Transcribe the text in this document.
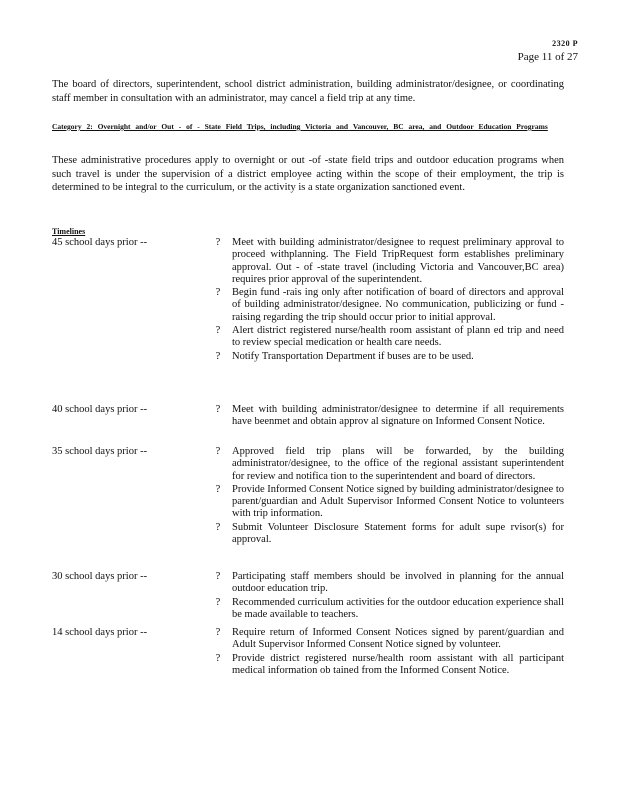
2320 P
Page 11 of 27
The board of directors, superintendent, school district administration, building administrator/designee, or coordinating staff member in consultation with an administrator, may cancel a field trip at any time.
Category 2: Overnight and/or Out - of - State Field Trips, including Victoria and Vancouver, BC area, and Outdoor Education Programs
These administrative procedures apply to overnight or out -of -state field trips and outdoor education programs when such travel is under the supervision of a district employee acting within the scope of their employment, the trip is determined to be integral to the curriculum, or the activity is a state organization sanctioned event.
Timelines
45 school days prior --	?	Meet with building administrator/designee to request preliminary approval to proceed withplanning. The Field TripRequest form establishes preliminary approval. Out - of -state travel (including Victoria and Vancouver,BC area) requires prior approval of the superintendent.
?	Begin fund -rais ing only after notification of board of directors and approval of building administrator/designee. No communication, publicizing or fund -raising regarding the trip should occur prior to initial approval.
?	Alert district registered nurse/health room assistant of plann ed trip and need to review special medication or health care needs.
?	Notify Transportation Department if buses are to be used.
40 school days prior --	?	Meet with building administrator/designee to determine if all requirements have beenmet and obtain approv al signature on Informed Consent Notice.
35 school days prior --	?	Approved field trip plans will be forwarded, by the building administrator/designee, to the office of the regional assistant superintendent for review and notifica tion to the superintendent and board of directors.
?	Provide Informed Consent Notice signed by building administrator/designee to parent/guardian and Adult Supervisor Informed Consent Notice to volunteers with trip information.
?	Submit Volunteer Disclosure Statement forms for adult supe rvisor(s) for approval.
30 school days prior --	?	Participating staff members should be involved in planning for the annual outdoor education trip.
?	Recommended curriculum activities for the outdoor education experience shall be made available to teachers.
14 school days prior --	?	Require return of Informed Consent Notices signed by parent/guardian and Adult Supervisor Informed Consent Notice signed by volunteer.
?	Provide district registered nurse/health room assistant with all participant medical information ob tained from the Informed Consent Notice.
